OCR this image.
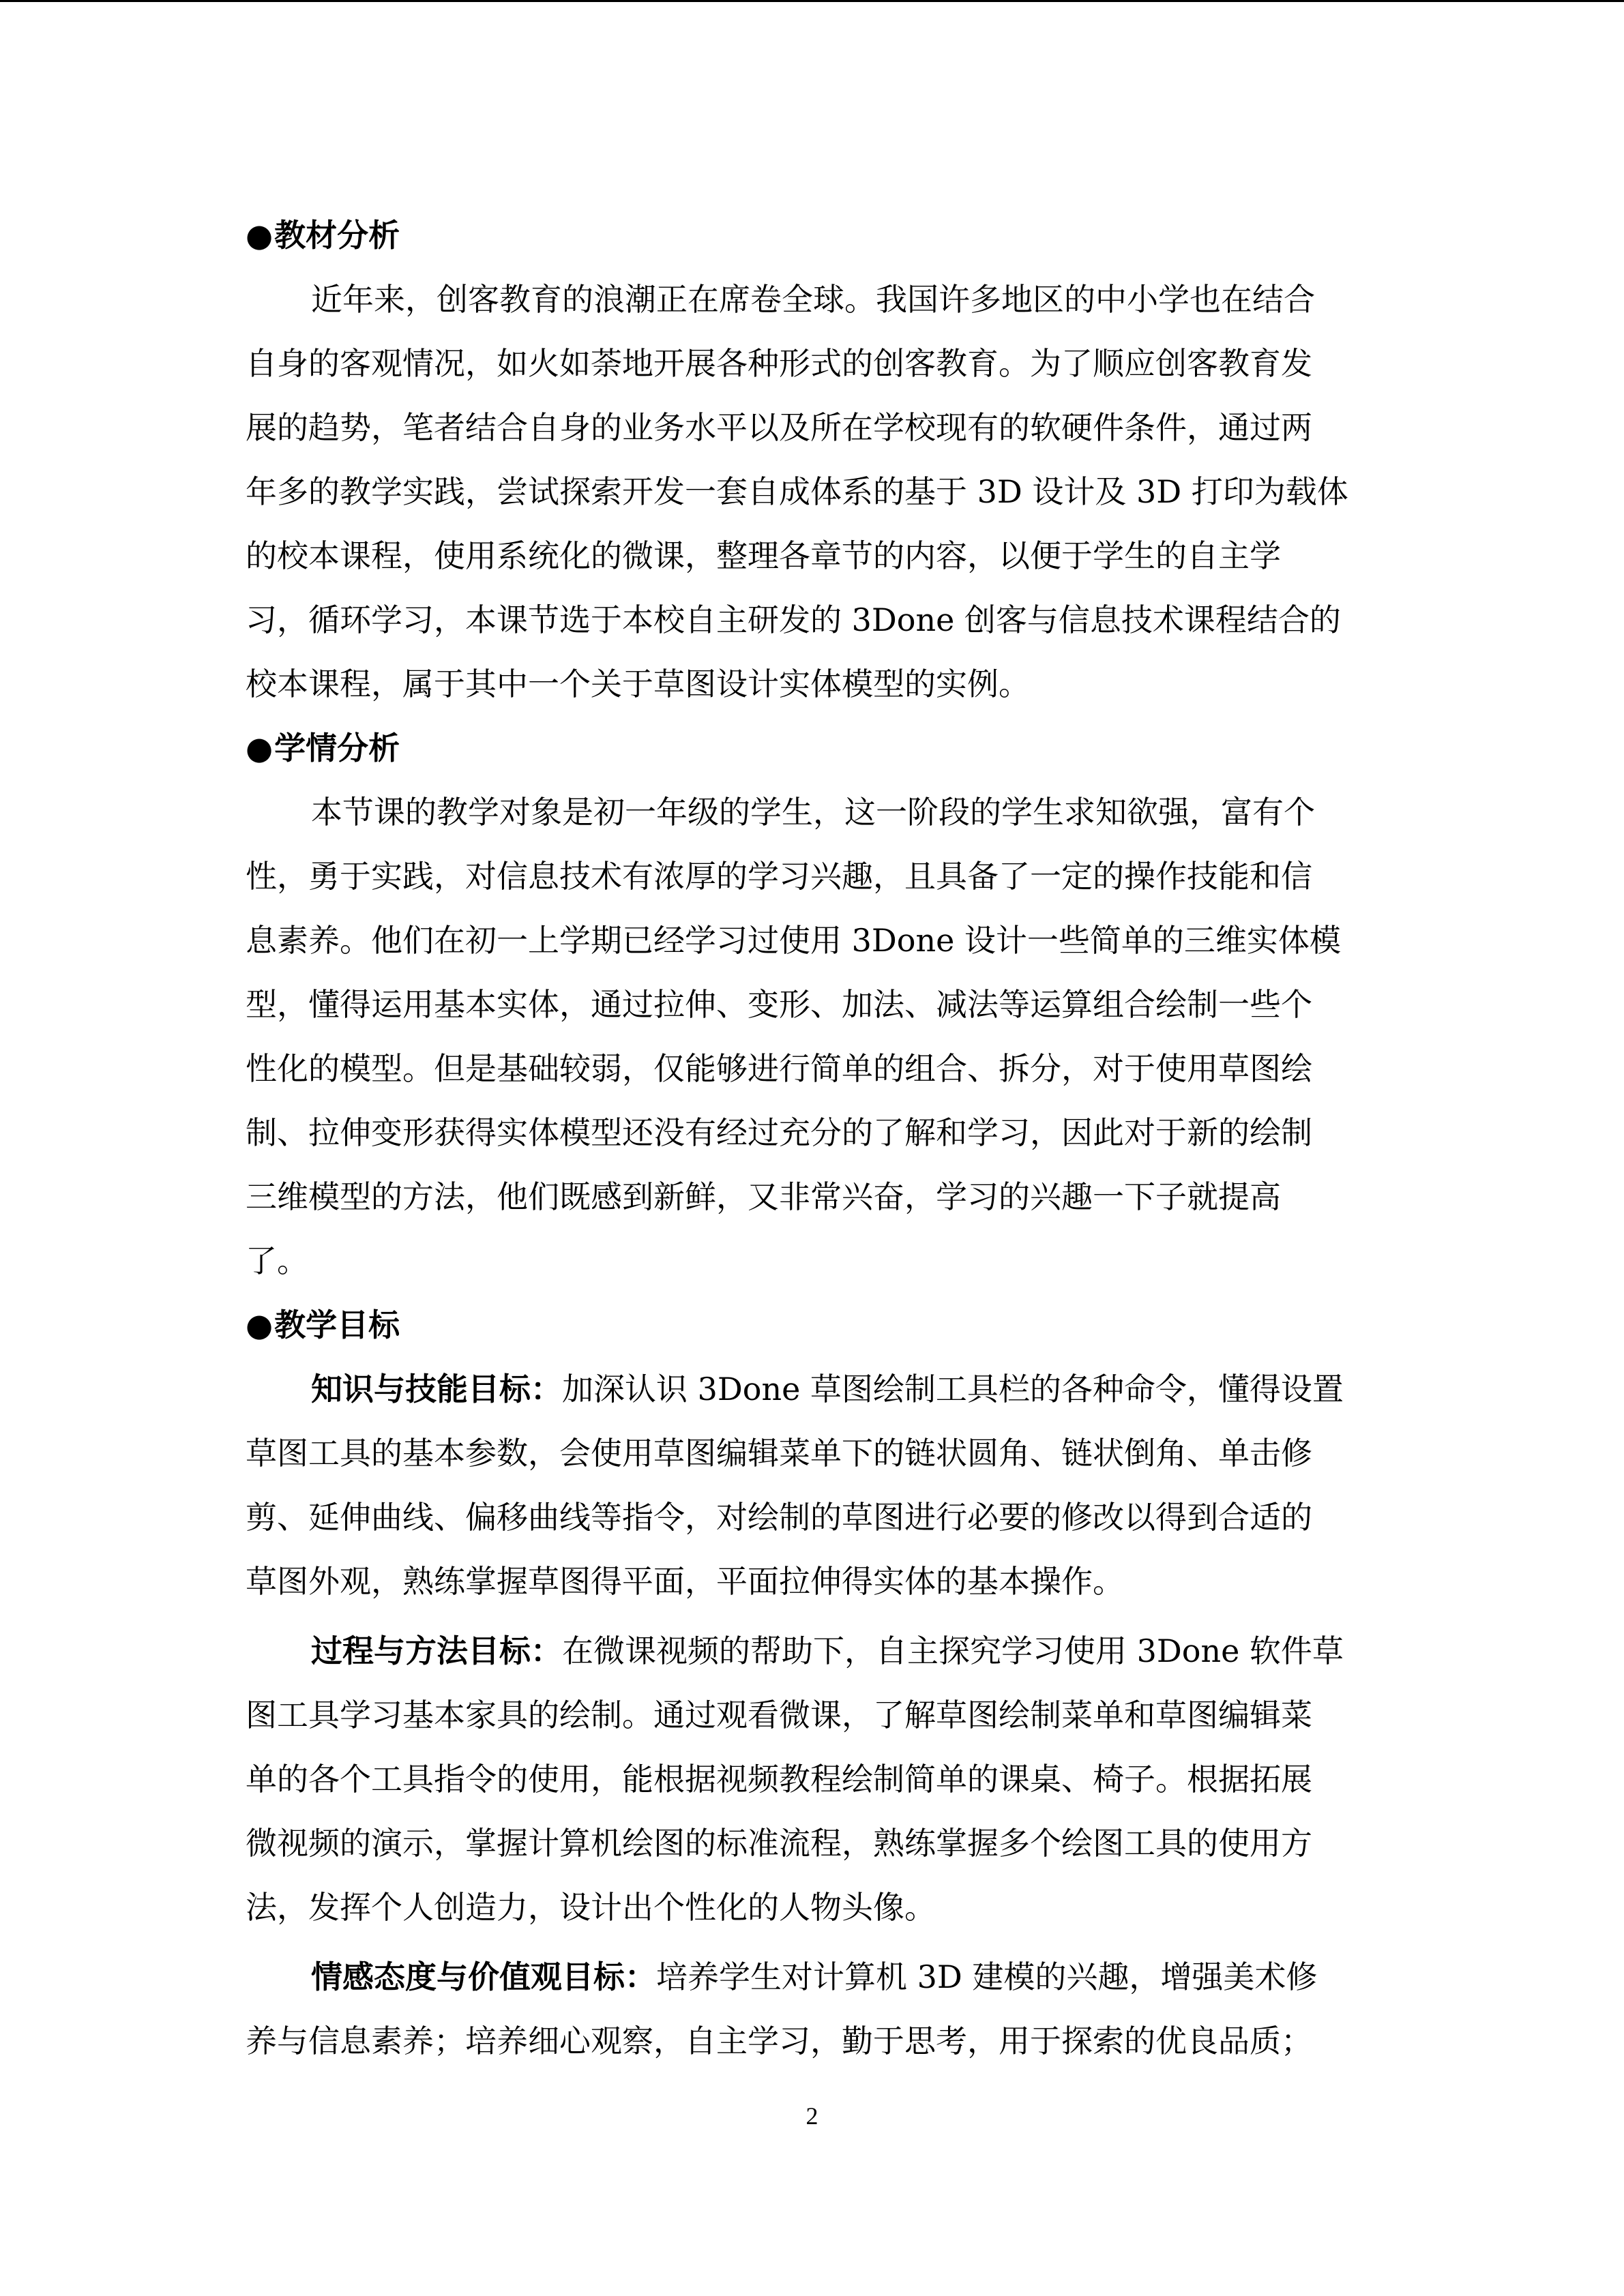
●教材分析
近年来，创客教育的浪潮正在席卷全球。我国许多地区的中小学也在结合
自身的客观情况，如火如荼地开展各种形式的创客教育。为了顺应创客教育发
展的趋势，笔者结合自身的业务水平以及所在学校现有的软硬件条件，通过两
年多的教学实践，尝试探索开发一套自成体系的基于 3D 设计及 3D 打印为载体
的校本课程，使用系统化的微课，整理各章节的内容，以便于学生的自主学
习，循环学习，本课节选于本校自主研发的 3Done 创客与信息技术课程结合的
校本课程，属于其中一个关于草图设计实体模型的实例。
●学情分析
本节课的教学对象是初一年级的学生，这一阶段的学生求知欲强，富有个
性，勇于实践，对信息技术有浓厚的学习兴趣，且具备了一定的操作技能和信
息素养。他们在初一上学期已经学习过使用 3Done 设计一些简单的三维实体模
型，懂得运用基本实体，通过拉伸、变形、加法、减法等运算组合绘制一些个
性化的模型。但是基础较弱，仅能够进行简单的组合、拆分，对于使用草图绘
制、拉伸变形获得实体模型还没有经过充分的了解和学习，因此对于新的绘制
三维模型的方法，他们既感到新鲜，又非常兴奋，学习的兴趣一下子就提高
了。
●教学目标
知识与技能目标：加深认识 3Done 草图绘制工具栏的各种命令，懂得设置
草图工具的基本参数，会使用草图编辑菜单下的链状圆角、链状倒角、单击修
剪、延伸曲线、偏移曲线等指令，对绘制的草图进行必要的修改以得到合适的
草图外观，熟练掌握草图得平面，平面拉伸得实体的基本操作。
过程与方法目标：在微课视频的帮助下，自主探究学习使用 3Done 软件草
图工具学习基本家具的绘制。通过观看微课，了解草图绘制菜单和草图编辑菜
单的各个工具指令的使用，能根据视频教程绘制简单的课桌、椅子。根据拓展
微视频的演示，掌握计算机绘图的标准流程，熟练掌握多个绘图工具的使用方
法，发挥个人创造力，设计出个性化的人物头像。
情感态度与价值观目标：培养学生对计算机 3D 建模的兴趣，增强美术修
养与信息素养；培养细心观察，自主学习，勤于思考，用于探索的优良品质；
2
